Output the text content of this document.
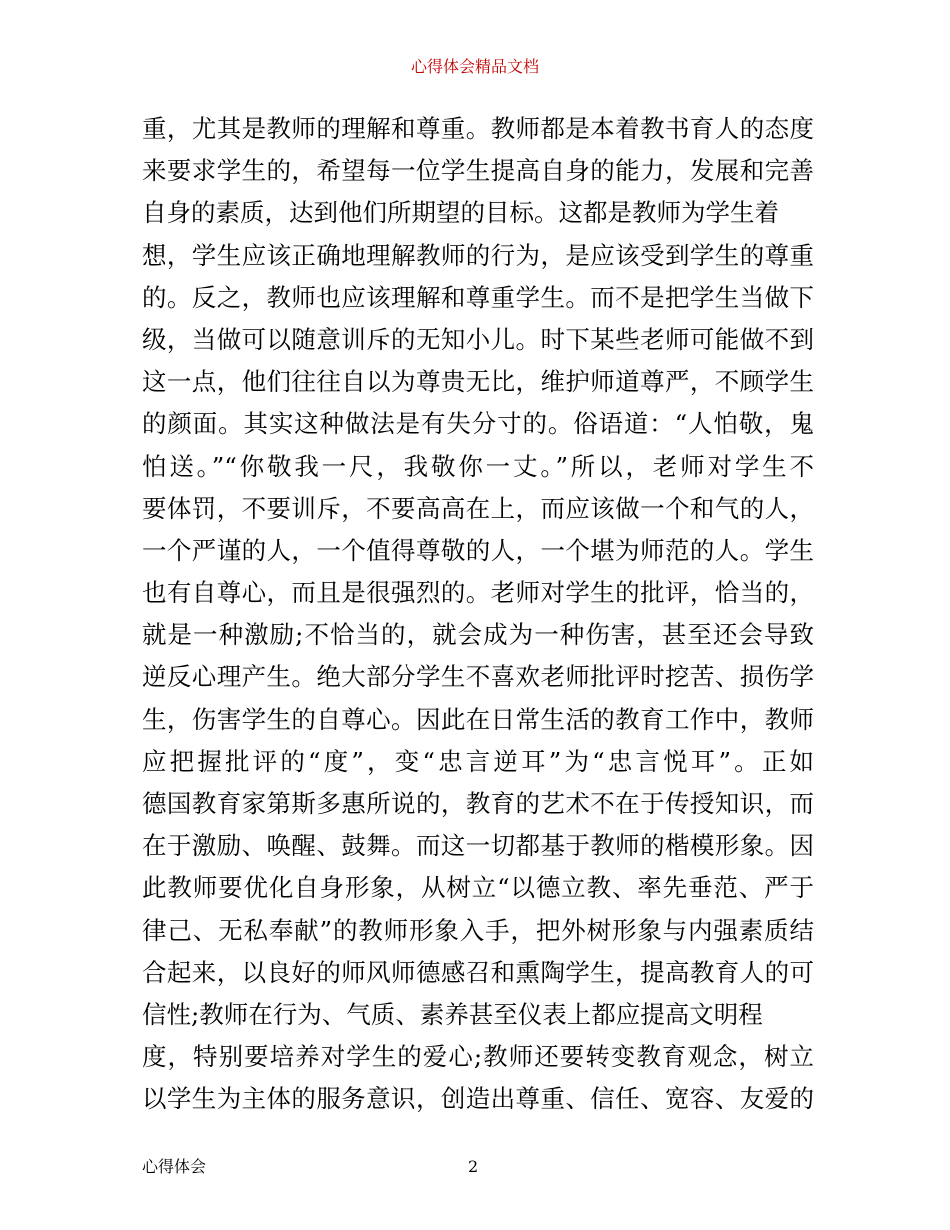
心得体会精品文档
重，尤其是教师的理解和尊重。教师都是本着教书育人的态度
来要求学生的，希望每一位学生提高自身的能力，发展和完善
自身的素质，达到他们所期望的目标。这都是教师为学生着
想，学生应该正确地理解教师的行为，是应该受到学生的尊重
的。反之，教师也应该理解和尊重学生。而不是把学生当做下
级，当做可以随意训斥的无知小儿。时下某些老师可能做不到
这一点，他们往往自以为尊贵无比，维护师道尊严，不顾学生
的颜面。其实这种做法是有失分寸的。俗语道：“人怕敬，鬼
怕送。”“你敬我一尺，我敬你一丈。”所以，老师对学生不
要体罚，不要训斥，不要高高在上，而应该做一个和气的人，
一个严谨的人，一个值得尊敬的人，一个堪为师范的人。学生
也有自尊心，而且是很强烈的。老师对学生的批评，恰当的，
就是一种激励;不恰当的，就会成为一种伤害，甚至还会导致
逆反心理产生。绝大部分学生不喜欢老师批评时挖苦、损伤学
生，伤害学生的自尊心。因此在日常生活的教育工作中，教师
应把握批评的“度”，变“忠言逆耳”为“忠言悦耳”。正如
德国教育家第斯多惠所说的，教育的艺术不在于传授知识，而
在于激励、唤醒、鼓舞。而这一切都基于教师的楷模形象。因
此教师要优化自身形象，从树立“以德立教、率先垂范、严于
律己、无私奉献”的教师形象入手，把外树形象与内强素质结
合起来，以良好的师风师德感召和熏陶学生，提高教育人的可
信性;教师在行为、气质、素养甚至仪表上都应提高文明程
度，特别要培养对学生的爱心;教师还要转变教育观念，树立
以学生为主体的服务意识，创造出尊重、信任、宽容、友爱的
心得体会	2
